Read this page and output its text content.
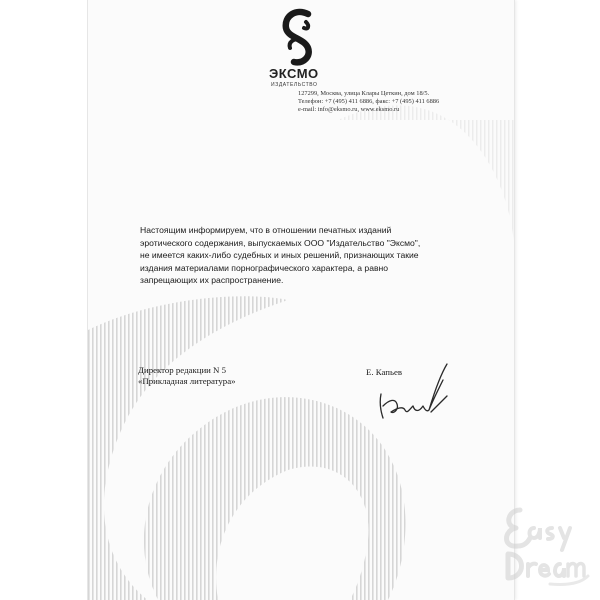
ЭКСМО
ИЗДАТЕЛЬСТВО
127299, Москва, улица Клары Цеткин, дом 18/5.
Телефон: +7 (495) 411 6886, факс: +7 (495) 411 6886
e-mail: info@eksmo.ru, www.eksmo.ru
Настоящим информируем, что в отношении печатных изданий
эротического содержания, выпускаемых ООО "Издательство "Эксмо",
не имеется каких-либо судебных и иных решений, признающих такие
издания материалами порнографического характера, а равно
запрещающих их распространение.
Директор редакции N 5
«Прикладная литература»
Е. Капьев
